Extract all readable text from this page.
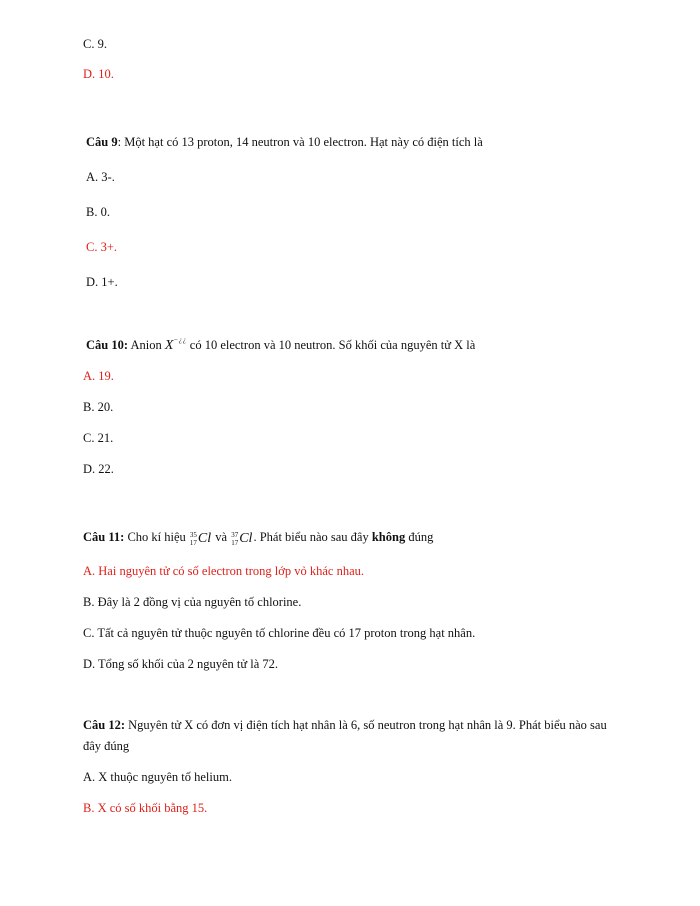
C. 9.
D. 10.
Câu 9: Một hạt có 13 proton, 14 neutron và 10 electron. Hạt này có điện tích là
A. 3-.
B. 0.
C. 3+.
D. 1+.
Câu 10: Anion X−¿¿ có 10 electron và 10 neutron. Số khối của nguyên tử X là
A. 19.
B. 20.
C. 21.
D. 22.
Câu 11: Cho kí hiệu 35
17 Cl và 37
17 Cl. Phát biểu nào sau đây không đúng
A. Hai nguyên tử có số electron trong lớp vỏ khác nhau.
B. Đây là 2 đồng vị của nguyên tố chlorine.
C. Tất cả nguyên tử thuộc nguyên tố chlorine đều có 17 proton trong hạt nhân.
D. Tổng số khối của 2 nguyên tử là 72.
Câu 12: Nguyên tử X có đơn vị điện tích hạt nhân là 6, số neutron trong hạt nhân là 9. Phát biểu nào sau
đây đúng
A. X thuộc nguyên tố helium.
B. X có số khối bằng 15.
